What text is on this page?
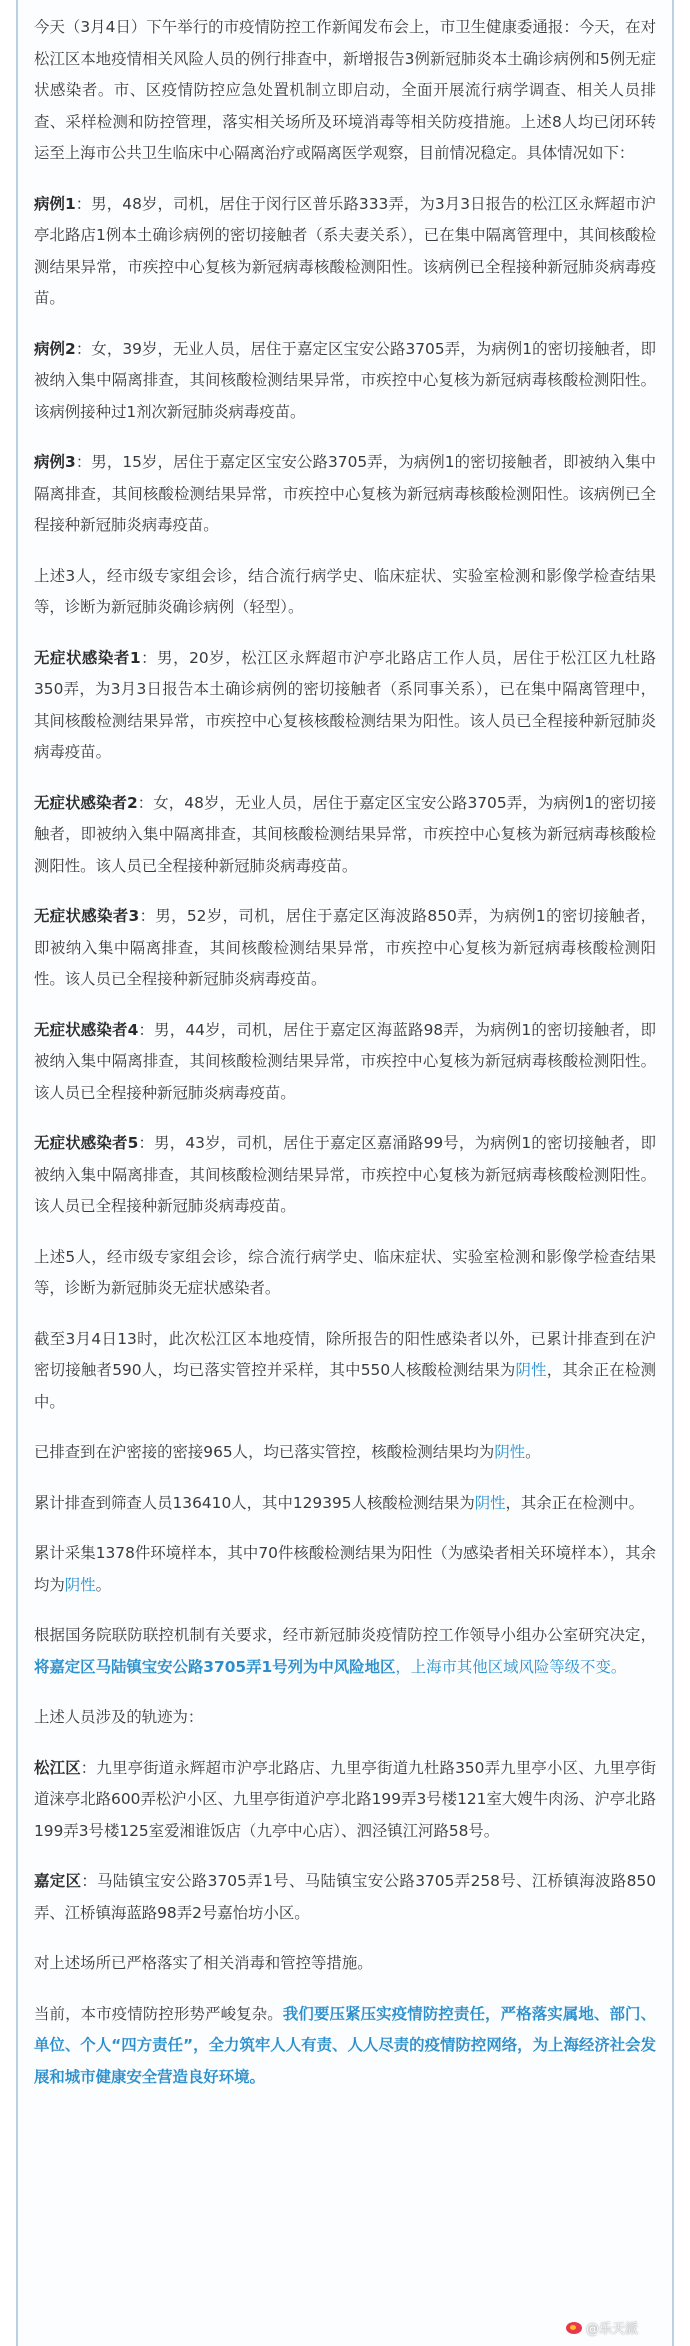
今天（3月4日）下午举行的市疫情防控工作新闻发布会上，市卫生健康委通报：今天，在对松江区本地疫情相关风险人员的例行排查中，新增报告3例新冠肺炎本土确诊病例和5例无症状感染者。市、区疫情防控应急处置机制立即启动，全面开展流行病学调查、相关人员排查、采样检测和防控管理，落实相关场所及环境消毒等相关防疫措施。上述8人均已闭环转运至上海市公共卫生临床中心隔离治疗或隔离医学观察，目前情况稳定。具体情况如下：

病例1：男，48岁，司机，居住于闵行区普乐路333弄，为3月3日报告的松江区永辉超市沪亭北路店1例本土确诊病例的密切接触者（系夫妻关系），已在集中隔离管理中，其间核酸检测结果异常，市疾控中心复核为新冠病毒核酸检测阳性。该病例已全程接种新冠肺炎病毒疫苗。

病例2：女，39岁，无业人员，居住于嘉定区宝安公路3705弄，为病例1的密切接触者，即被纳入集中隔离排查，其间核酸检测结果异常，市疾控中心复核为新冠病毒核酸检测阳性。该病例接种过1剂次新冠肺炎病毒疫苗。

病例3：男，15岁，居住于嘉定区宝安公路3705弄，为病例1的密切接触者，即被纳入集中隔离排查，其间核酸检测结果异常，市疾控中心复核为新冠病毒核酸检测阳性。该病例已全程接种新冠肺炎病毒疫苗。

上述3人，经市级专家组会诊，结合流行病学史、临床症状、实验室检测和影像学检查结果等，诊断为新冠肺炎确诊病例（轻型）。

无症状感染者1：男，20岁，松江区永辉超市沪亭北路店工作人员，居住于松江区九杜路350弄，为3月3日报告本土确诊病例的密切接触者（系同事关系），已在集中隔离管理中，其间核酸检测结果异常，市疾控中心复核核酸检测结果为阳性。该人员已全程接种新冠肺炎病毒疫苗。

无症状感染者2：女，48岁，无业人员，居住于嘉定区宝安公路3705弄，为病例1的密切接触者，即被纳入集中隔离排查，其间核酸检测结果异常，市疾控中心复核为新冠病毒核酸检测阳性。该人员已全程接种新冠肺炎病毒疫苗。

无症状感染者3：男，52岁，司机，居住于嘉定区海波路850弄，为病例1的密切接触者，即被纳入集中隔离排查，其间核酸检测结果异常，市疾控中心复核为新冠病毒核酸检测阳性。该人员已全程接种新冠肺炎病毒疫苗。

无症状感染者4：男，44岁，司机，居住于嘉定区海蓝路98弄，为病例1的密切接触者，即被纳入集中隔离排查，其间核酸检测结果异常，市疾控中心复核为新冠病毒核酸检测阳性。该人员已全程接种新冠肺炎病毒疫苗。

无症状感染者5：男，43岁，司机，居住于嘉定区嘉涌路99号，为病例1的密切接触者，即被纳入集中隔离排查，其间核酸检测结果异常，市疾控中心复核为新冠病毒核酸检测阳性。该人员已全程接种新冠肺炎病毒疫苗。

上述5人，经市级专家组会诊，综合流行病学史、临床症状、实验室检测和影像学检查结果等，诊断为新冠肺炎无症状感染者。

截至3月4日13时，此次松江区本地疫情，除所报告的阳性感染者以外，已累计排查到在沪密切接触者590人，均已落实管控并采样，其中550人核酸检测结果为阴性，其余正在检测中。

已排查到在沪密接的密接965人，均已落实管控，核酸检测结果均为阴性。

累计排查到筛查人员136410人，其中129395人核酸检测结果为阴性，其余正在检测中。

累计采集1378件环境样本，其中70件核酸检测结果为阳性（为感染者相关环境样本），其余均为阴性。

根据国务院联防联控机制有关要求，经市新冠肺炎疫情防控工作领导小组办公室研究决定，将嘉定区马陆镇宝安公路3705弄1号列为中风险地区，上海市其他区域风险等级不变。

上述人员涉及的轨迹为：

松江区：九里亭街道永辉超市沪亭北路店、九里亭街道九杜路350弄九里亭小区、九里亭街道涞亭北路600弄松沪小区、九里亭街道沪亭北路199弄3号楼121室大嫂牛肉汤、沪亭北路199弄3号楼125室爱湘谁饭店（九亭中心店）、泗泾镇江河路58号。

嘉定区：马陆镇宝安公路3705弄1号、马陆镇宝安公路3705弄258号、江桥镇海波路850弄、江桥镇海蓝路98弄2号嘉怡坊小区。

对上述场所已严格落实了相关消毒和管控等措施。

当前，本市疫情防控形势严峻复杂。我们要压紧压实疫情防控责任，严格落实属地、部门、单位、个人“四方责任”，全力筑牢人人有责、人人尽责的疫情防控网络，为上海经济社会发展和城市健康安全营造良好环境。

@乐天派
